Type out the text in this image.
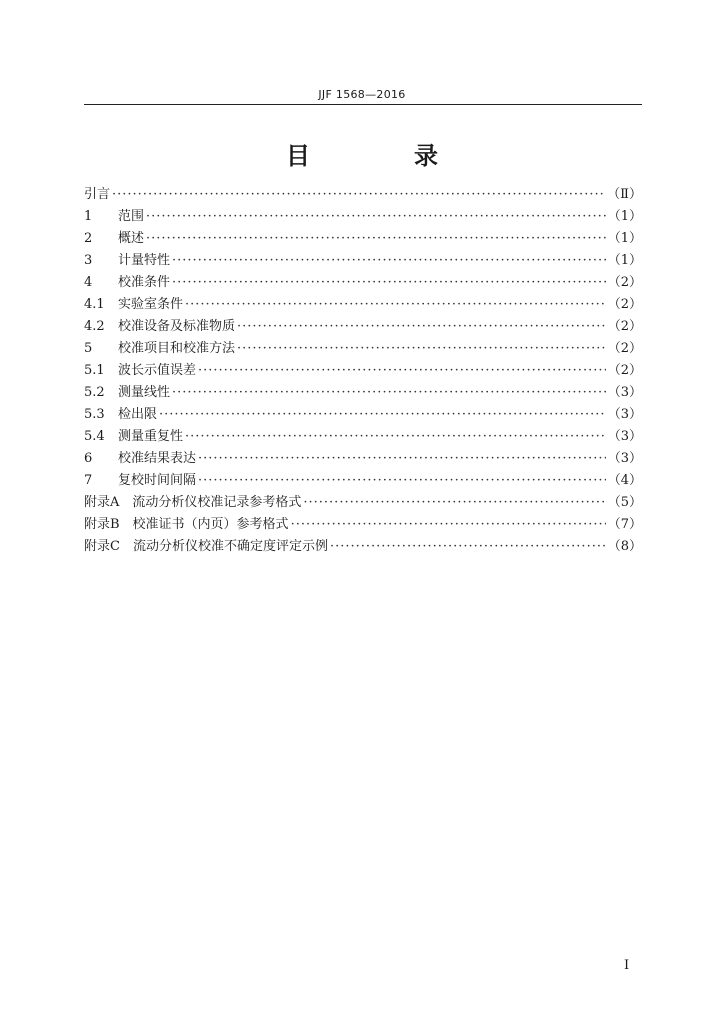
JJF 1568—2016
目　录
引言 ·····	（Ⅱ）
1	范围 ·····	（1）
2	概述 ·····	（1）
3	计量特性 ·····	（1）
4	校准条件 ·····	（2）
4.1	实验室条件 ·····	（2）
4.2	校准设备及标准物质 ·····	（2）
5	校准项目和校准方法 ·····	（2）
5.1	波长示值误差 ·····	（2）
5.2	测量线性 ·····	（3）
5.3	检出限 ·····	（3）
5.4	测量重复性 ·····	（3）
6	校准结果表达 ·····	（3）
7	复校时间间隔 ·····	（4）
附录A　流动分析仪校准记录参考格式 ·····	（5）
附录B　校准证书（内页）参考格式 ·····	（7）
附录C　流动分析仪校准不确定度评定示例 ·····	（8）
I
